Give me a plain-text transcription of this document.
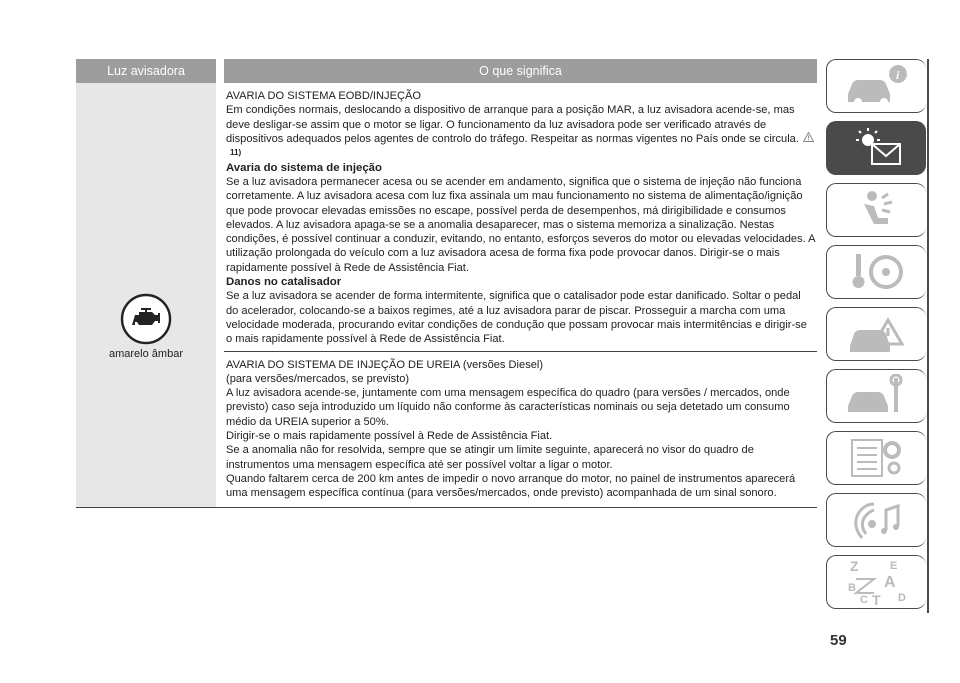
Luz avisadora	O que significa
amarelo âmbar

AVARIA DO SISTEMA EOBD/INJEÇÃO

Em condições normais, deslocando a dispositivo de arranque para a posição MAR, a luz avisadora acende-se, mas deve desligar-se assim que o motor se ligar. O funcionamento da luz avisadora pode ser verificado através de dispositivos adequados pelos agentes de controlo do tráfego. Respeitar as normas vigentes no País onde se circula.11)

Avaria do sistema de injeção

Se a luz avisadora permanecer acesa ou se acender em andamento, significa que o sistema de injeção não funciona corretamente. A luz avisadora acesa com luz fixa assinala um mau funcionamento no sistema de alimentação/ignição que pode provocar elevadas emissões no escape, possível perda de desempenhos, má dirigibilidade e consumos elevados. A luz avisadora apaga-se se a anomalia desaparecer, mas o sistema memoriza a sinalização. Nestas condições, é possível continuar a conduzir, evitando, no entanto, esforços severos do motor ou elevadas velocidades. A utilização prolongada do veículo com a luz avisadora acesa de forma fixa pode provocar danos. Dirigir-se o mais rapidamente possível à Rede de Assistência Fiat.

Danos no catalisador

Se a luz avisadora se acender de forma intermitente, significa que o catalisador pode estar danificado. Soltar o pedal do acelerador, colocando-se a baixos regimes, até a luz avisadora parar de piscar. Prosseguir a marcha com uma velocidade moderada, procurando evitar condições de condução que possam provocar mais intermitências e dirigir-se o mais rapidamente possível à Rede de Assistência Fiat.

AVARIA DO SISTEMA DE INJEÇÃO DE UREIA (versões Diesel)

(para versões/mercados, se previsto)

A luz avisadora acende-se, juntamente com uma mensagem específica do quadro (para versões / mercados, onde previsto) caso seja introduzido um líquido não conforme às características nominais ou seja detetado um consumo médio da UREIA superior a 50%.

Dirigir-se o mais rapidamente possível à Rede de Assistência Fiat.

Se a anomalia não for resolvida, sempre que se atingir um limite seguinte, aparecerá no visor do quadro de instrumentos uma mensagem específica até ser possível voltar a ligar o motor.

Quando faltarem cerca de 200 km antes de impedir o novo arranque do motor, no painel de instrumentos aparecerá uma mensagem específica contínua (para versões/mercados, onde previsto) acompanhada de um sinal sonoro.

i
Z	E
A
B
C T D
59
